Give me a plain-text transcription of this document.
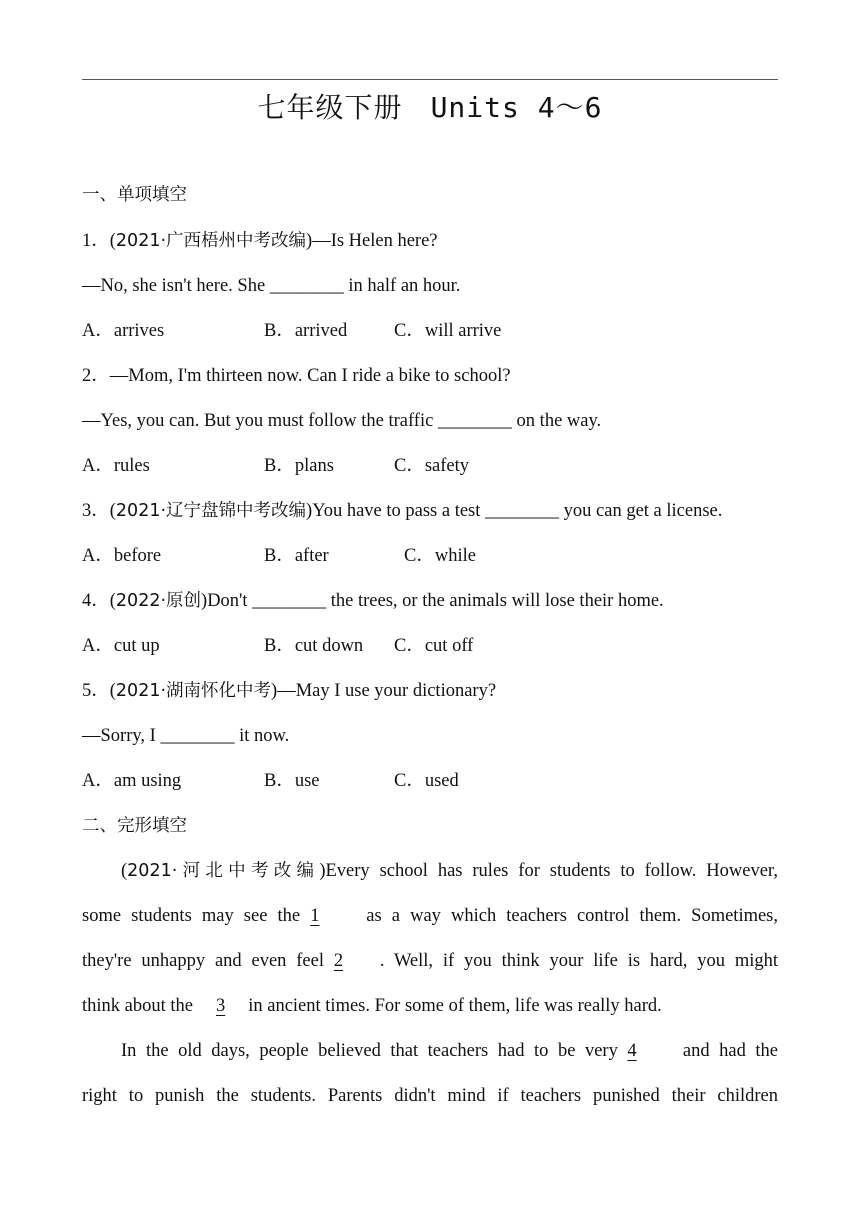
七年级下册 Units 4～6
一、单项填空
1．(2021·广西梧州中考改编)—Is Helen here?
—No, she isn't here. She ________ in half an hour.
A．arrives	B．arrived	C．will arrive
2．—Mom, I'm thirteen now. Can I ride a bike to school?
—Yes, you can. But you must follow the traffic ________ on the way.
A．rules	B．plans	C．safety
3．(2021·辽宁盘锦中考改编)You have to pass a test ________ you can get a license.
A．before	B．after	C．while
4．(2022·原创)Don't ________ the trees, or the animals will lose their home.
A．cut up	B．cut down C．cut off
5．(2021·湖南怀化中考)—May I use your dictionary?
—Sorry, I ________ it now.
A．am using	B．use	C．used
二、完形填空
(2021·河北中考改编)Every school has rules for students to follow. However,
some students may see the 1	as a way which teachers control them. Sometimes,
they're unhappy and even feel 2 . Well, if you think your life is hard, you might
think about the 3 in ancient times. For some of them, life was really hard.
In the old days, people believed that teachers had to be very 4	and had the
right to punish the students. Parents didn't mind if teachers punished their children
